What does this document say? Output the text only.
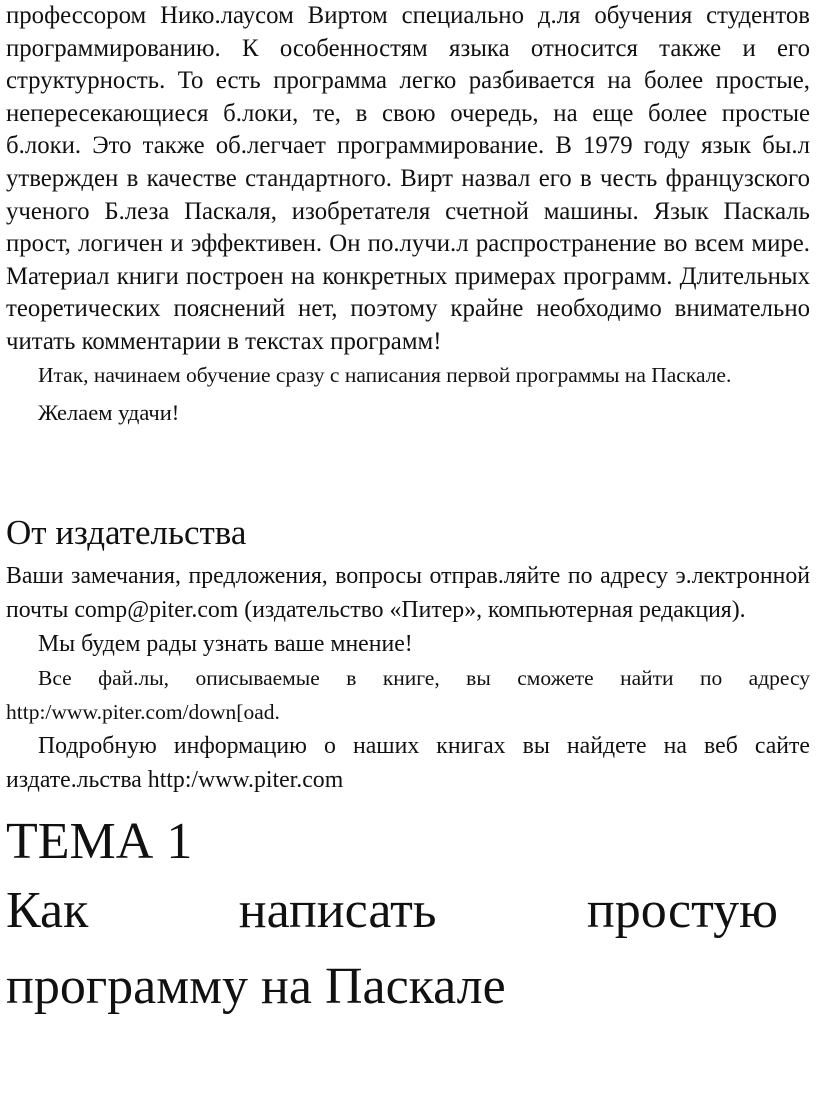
профессором Нико.лаусом Виртом специально д.ля обучения студентов программированию. К особенностям языка относится также и его структурность. То есть программа легко разбивается на более простые, непересекающиеся б.локи, те, в свою очередь, на еще более простые б.локи. Это также об.легчает программирование. В 1979 году язык бы.л утвержден в качестве стандартного. Вирт назвал его в честь французского ученого Б.леза Паскаля, изобретателя счетной машины. Язык Паскаль прост, логичен и эффективен. Он по.лучи.л распространение во всем мире. Материал книги построен на конкретных примерах программ. Длительных теоретических пояснений нет, поэтому крайне необходимо внимательно читать комментарии в текстах программ!

Итак, начинаем обучение сразу с написания первой программы на Паскале.

Желаем удачи!

От издательства

Ваши замечания, предложения, вопросы отправ.ляйте по адресу э.лектронной почты comp@piter.com (издательство «Питер», компьютерная редакция).

Мы будем рады узнать ваше мнение!

Все фай.лы, описываемые в книге, вы сможете найти по адресу http:/www.piter.com/down[oad.

Подробную информацию о наших книгах вы найдете на веб сайте издате.льства http:/www.piter.com

ТЕМА 1
Как	написать	простую
программу на Паскале
